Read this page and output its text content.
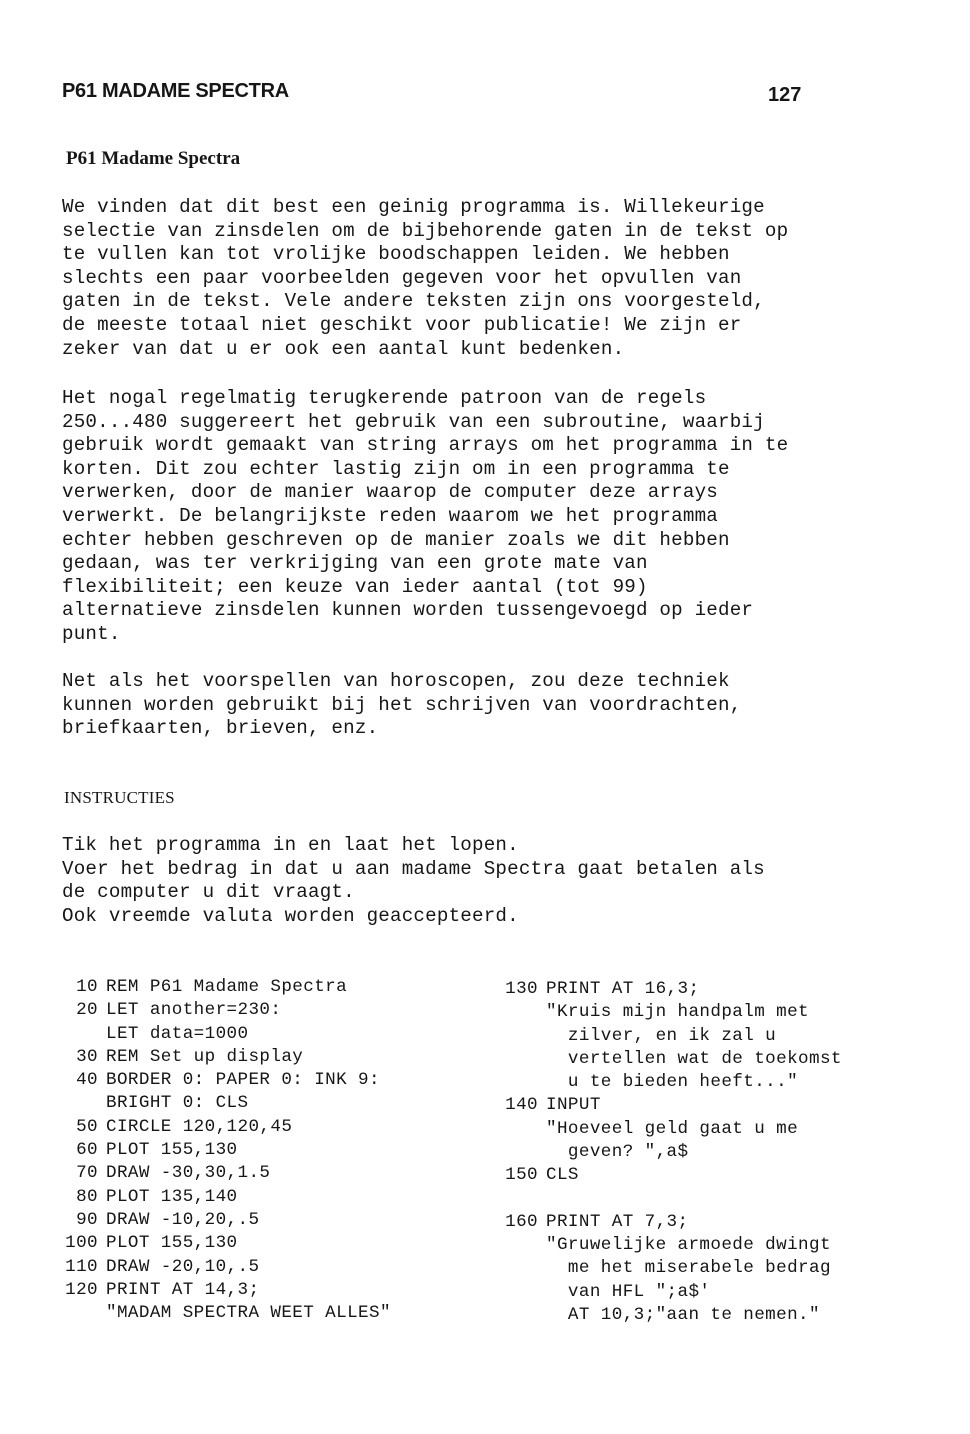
P61 MADAME SPECTRA	127
P61 Madame Spectra
We vinden dat dit best een geinig programma is. Willekeurige
selectie van zinsdelen om de bijbehorende gaten in de tekst op
te vullen kan tot vrolijke boodschappen leiden. We hebben
slechts een paar voorbeelden gegeven voor het opvullen van
gaten in de tekst. Vele andere teksten zijn ons voorgesteld,
de meeste totaal niet geschikt voor publicatie! We zijn er
zeker van dat u er ook een aantal kunt bedenken.
Het nogal regelmatig terugkerende patroon van de regels
250...480 suggereert het gebruik van een subroutine, waarbij
gebruik wordt gemaakt van string arrays om het programma in te
korten. Dit zou echter lastig zijn om in een programma te
verwerken, door de manier waarop de computer deze arrays
verwerkt. De belangrijkste reden waarom we het programma
echter hebben geschreven op de manier zoals we dit hebben
gedaan, was ter verkrijging van een grote mate van
flexibiliteit; een keuze van ieder aantal (tot 99)
alternatieve zinsdelen kunnen worden tussengevoegd op ieder
punt.
Net als het voorspellen van horoscopen, zou deze techniek
kunnen worden gebruikt bij het schrijven van voordrachten,
briefkaarten, brieven, enz.
INSTRUCTIES
Tik het programma in en laat het lopen.
Voer het bedrag in dat u aan madame Spectra gaat betalen als
de computer u dit vraagt.
Ook vreemde valuta worden geaccepteerd.
10 REM P61 Madame Spectra
20 LET another=230:
LET data=1000
30 REM Set up display
40 BORDER 0: PAPER 0: INK 9:
BRIGHT 0: CLS
50 CIRCLE 120,120,45
60 PLOT 155,130
70 DRAW -30,30,1.5
80 PLOT 135,140
90 DRAW -10,20,.5
100 PLOT 155,130
110 DRAW -20,10,.5
120 PRINT AT 14,3;
"MADAM SPECTRA WEET ALLES"
130 PRINT AT 16,3;
"Kruis mijn handpalm met
zilver, en ik zal u
vertellen wat de toekomst
u te bieden heeft..."
140 INPUT
"Hoeveel geld gaat u me
geven? ",a$
150 CLS
160 PRINT AT 7,3;
"Gruwelijke armoede dwingt
me het miserabele bedrag
van HFL ";a$'
AT 10,3;"aan te nemen."
